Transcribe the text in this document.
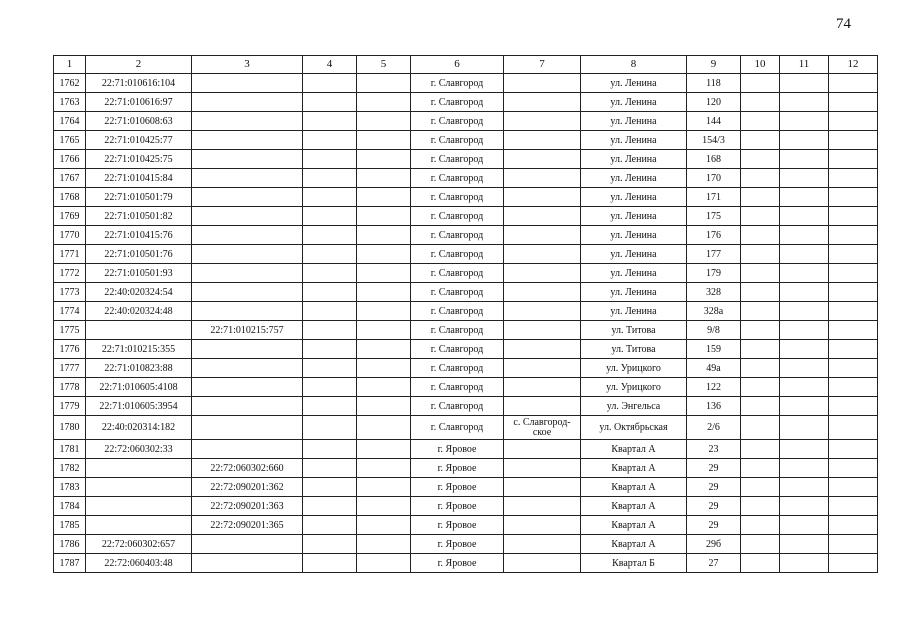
74
1	2	3	4	5	6	7	8	9	10	11	12
1762	22:71:010616:104				г. Славгород		ул. Ленина	118			
1763	22:71:010616:97				г. Славгород		ул. Ленина	120			
1764	22:71:010608:63				г. Славгород		ул. Ленина	144			
1765	22:71:010425:77				г. Славгород		ул. Ленина	154/3			
1766	22:71:010425:75				г. Славгород		ул. Ленина	168			
1767	22:71:010415:84				г. Славгород		ул. Ленина	170			
1768	22:71:010501:79				г. Славгород		ул. Ленина	171			
1769	22:71:010501:82				г. Славгород		ул. Ленина	175			
1770	22:71:010415:76				г. Славгород		ул. Ленина	176			
1771	22:71:010501:76				г. Славгород		ул. Ленина	177			
1772	22:71:010501:93				г. Славгород		ул. Ленина	179			
1773	22:40:020324:54				г. Славгород		ул. Ленина	328			
1774	22:40:020324:48				г. Славгород		ул. Ленина	328а			
1775		22:71:010215:757			г. Славгород		ул. Титова	9/8			
1776	22:71:010215:355				г. Славгород		ул. Титова	159			
1777	22:71:010823:88				г. Славгород		ул. Урицкого	49а			
1778	22:71:010605:4108				г. Славгород		ул. Урицкого	122			
1779	22:71:010605:3954				г. Славгород		ул. Энгельса	136			
1780	22:40:020314:182				г. Славгород	с. Славгород-ское	ул. Октябрьская	2/6			
1781	22:72:060302:33				г. Яровое		Квартал А	23			
1782		22:72:060302:660			г. Яровое		Квартал А	29			
1783		22:72:090201:362			г. Яровое		Квартал А	29			
1784		22:72:090201:363			г. Яровое		Квартал А	29			
1785		22:72:090201:365			г. Яровое		Квартал А	29			
1786	22:72:060302:657				г. Яровое		Квартал А	29б			
1787	22:72:060403:48				г. Яровое		Квартал Б	27			
